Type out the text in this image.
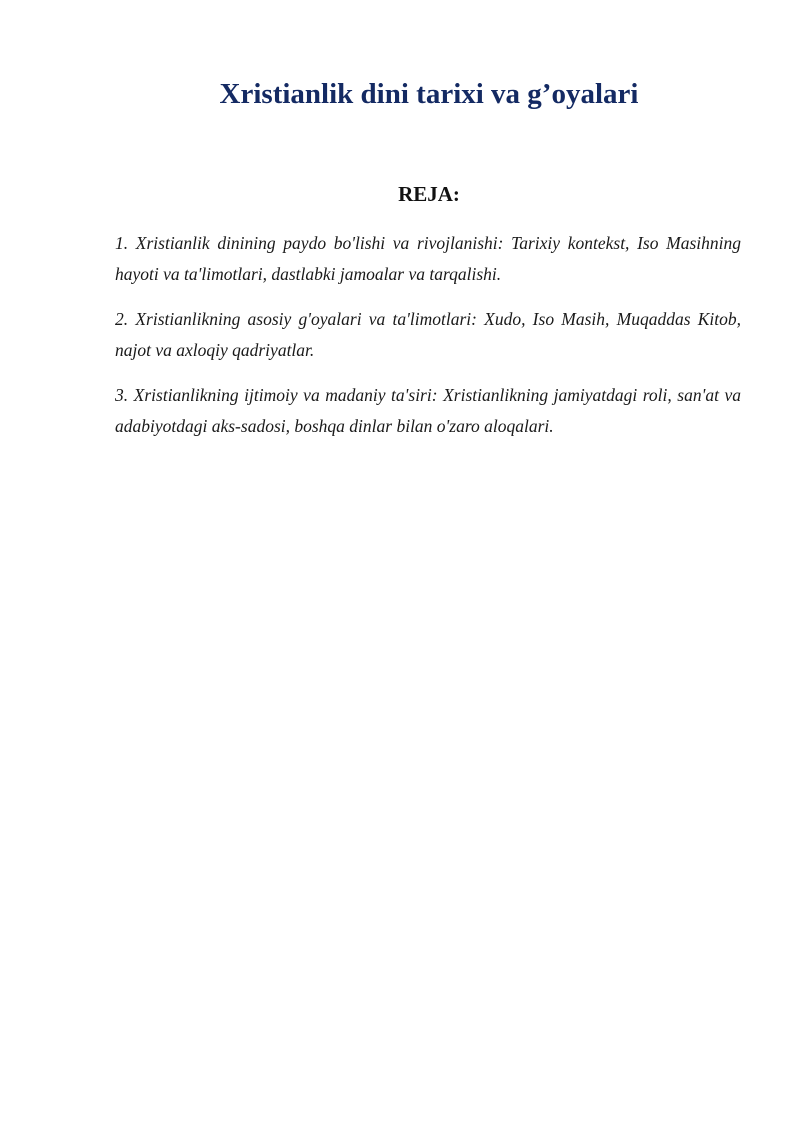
Xristianlik dini tarixi va g’oyalari
REJA:
1. Xristianlik dinining paydo bo'lishi va rivojlanishi: Tarixiy kontekst, Iso Masihning hayoti va ta'limotlari, dastlabki jamoalar va tarqalishi.
2. Xristianlikning asosiy g'oyalari va ta'limotlari: Xudo, Iso Masih, Muqaddas Kitob, najot va axloqiy qadriyatlar.
3. Xristianlikning ijtimoiy va madaniy ta'siri: Xristianlikning jamiyatdagi roli, san'at va adabiyotdagi aks-sadosi, boshqa dinlar bilan o'zaro aloqalari.
